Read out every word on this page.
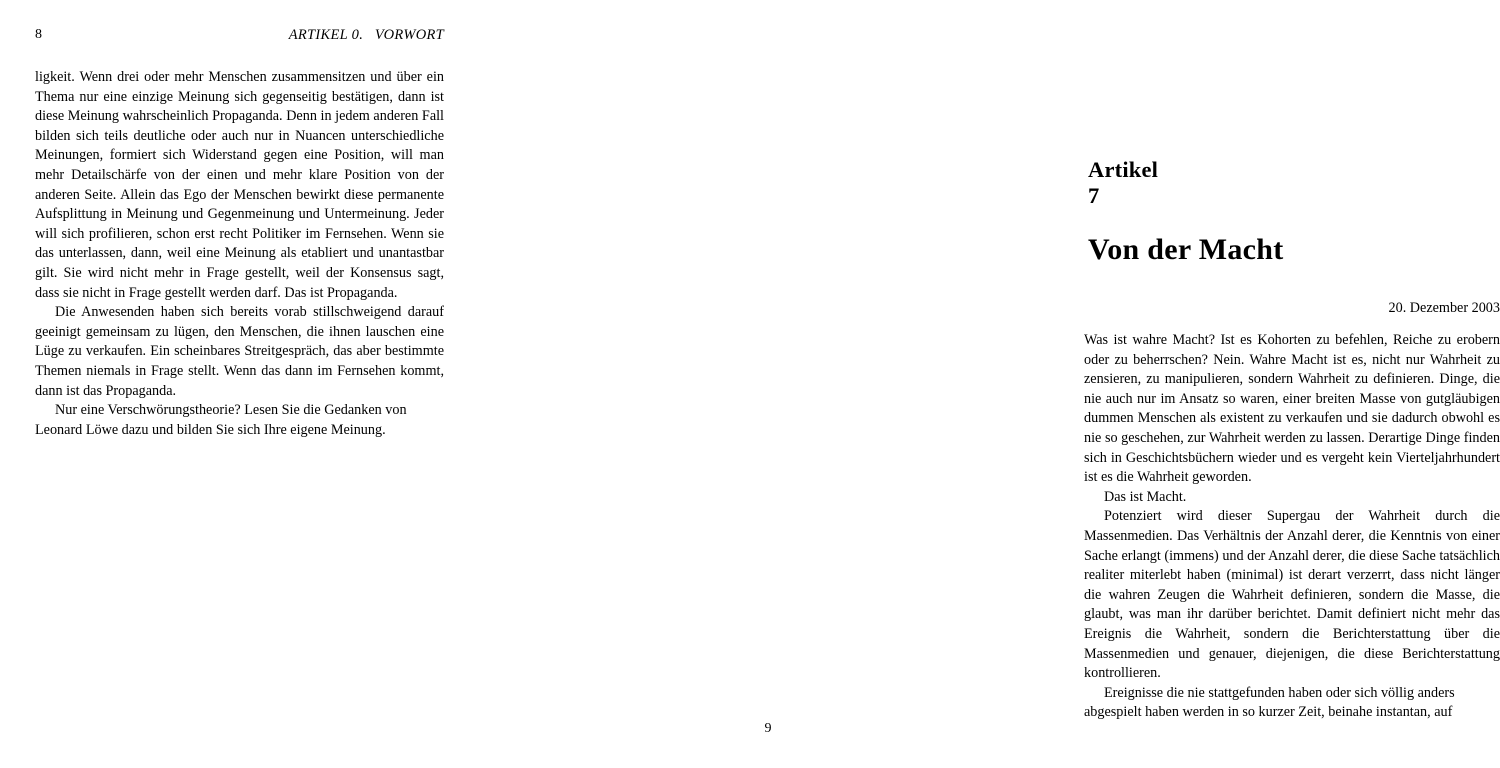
8	ARTIKEL 0.   VORWORT

ligkeit. Wenn drei oder mehr Menschen zusammensitzen und über ein Thema nur eine einzige Meinung sich gegenseitig bestätigen, dann ist diese Meinung wahrscheinlich Propaganda. Denn in jedem anderen Fall bilden sich teils deutliche oder auch nur in Nuancen unterschiedliche Meinungen, formiert sich Widerstand gegen eine Position, will man mehr Detailschärfe von der einen und mehr klare Position von der anderen Seite. Allein das Ego der Menschen bewirkt diese permanente Aufsplittung in Meinung und Gegenmeinung und Untermeinung. Jeder will sich profilieren, schon erst recht Politiker im Fernsehen. Wenn sie das unterlassen, dann, weil eine Meinung als etabliert und unantastbar gilt. Sie wird nicht mehr in Frage gestellt, weil der Konsensus sagt, dass sie nicht in Frage gestellt werden darf. Das ist Propaganda.

Die Anwesenden haben sich bereits vorab stillschweigend darauf geeinigt gemeinsam zu lügen, den Menschen, die ihnen lauschen eine Lüge zu verkaufen. Ein scheinbares Streitgespräch, das aber bestimmte Themen niemals in Frage stellt. Wenn das dann im Fernsehen kommt, dann ist das Propaganda.

Nur eine Verschwörungstheorie? Lesen Sie die Gedanken von Leonard Löwe dazu und bilden Sie sich Ihre eigene Meinung.

Artikel 7
Von der Macht
20. Dezember 2003

Was ist wahre Macht? Ist es Kohorten zu befehlen, Reiche zu erobern oder zu beherrschen? Nein. Wahre Macht ist es, nicht nur Wahrheit zu zensieren, zu manipulieren, sondern Wahrheit zu definieren. Dinge, die nie auch nur im Ansatz so waren, einer breiten Masse von gutgläubigen dummen Menschen als existent zu verkaufen und sie dadurch obwohl es nie so geschehen, zur Wahrheit werden zu lassen. Derartige Dinge finden sich in Geschichtsbüchern wieder und es vergeht kein Vierteljahrhundert ist es die Wahrheit geworden.

Das ist Macht.

Potenziert wird dieser Supergau der Wahrheit durch die Massenmedien. Das Verhältnis der Anzahl derer, die Kenntnis von einer Sache erlangt (immens) und der Anzahl derer, die diese Sache tatsächlich realiter miterlebt haben (minimal) ist derart verzerrt, dass nicht länger die wahren Zeugen die Wahrheit definieren, sondern die Masse, die glaubt, was man ihr darüber berichtet. Damit definiert nicht mehr das Ereignis die Wahrheit, sondern die Berichterstattung über die Massenmedien und genauer, diejenigen, die diese Berichterstattung kontrollieren.

Ereignisse die nie stattgefunden haben oder sich völlig anders abgespielt haben werden in so kurzer Zeit, beinahe instantan, auf

9
